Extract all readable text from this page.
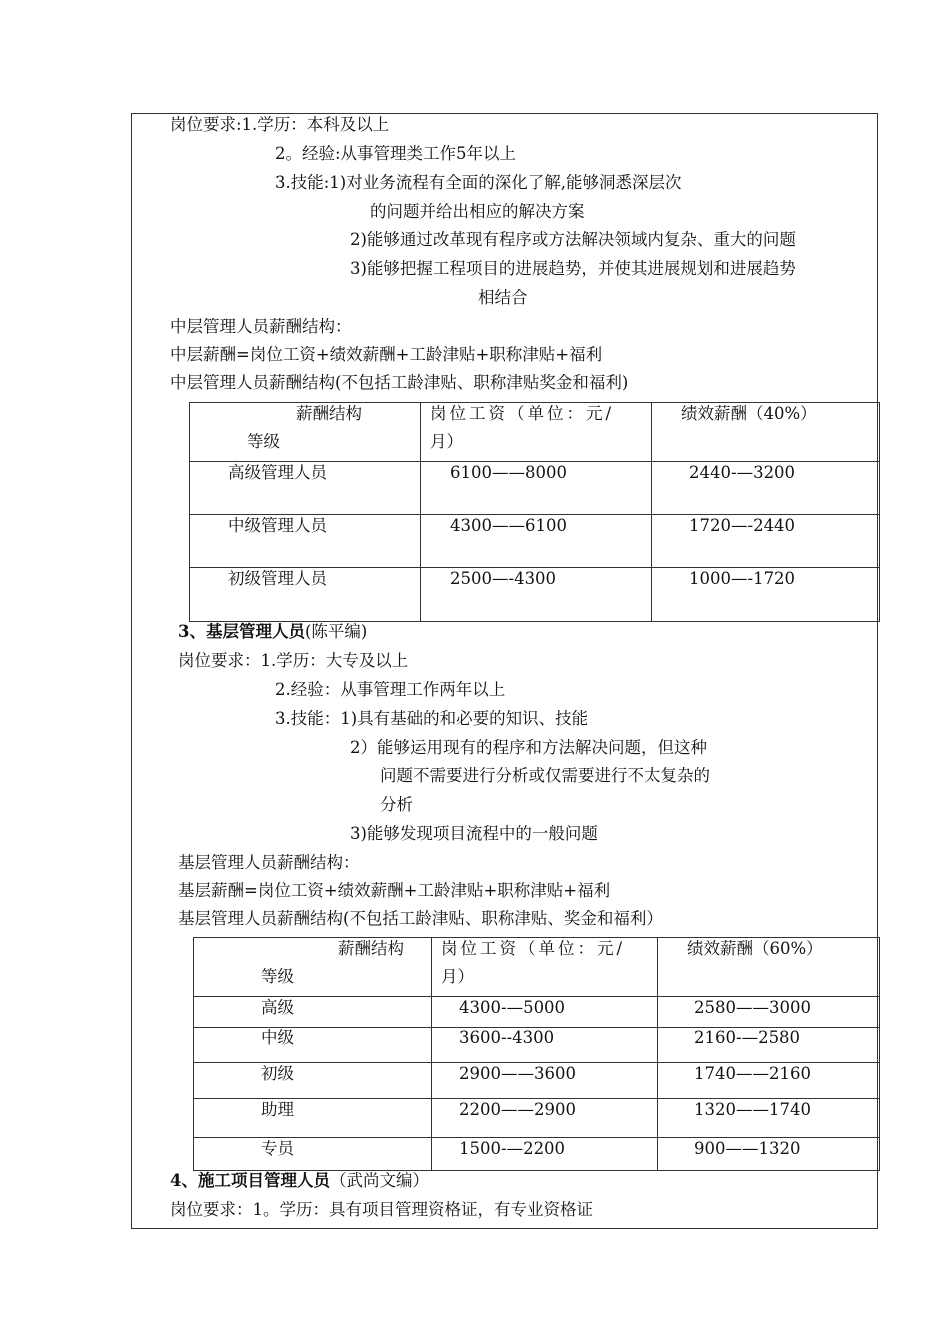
岗位要求:1.学历：本科及以上
2。经验:从事管理类工作5年以上
3.技能:1)对业务流程有全面的深化了解,能够洞悉深层次
的问题并给出相应的解决方案
2)能够通过改革现有程序或方法解决领域内复杂、重大的问题
3)能够把握工程项目的进展趋势，并使其进展规划和进展趋势
相结合
中层管理人员薪酬结构：
中层薪酬=岗位工资+绩效薪酬+工龄津贴+职称津贴+福利
中层管理人员薪酬结构(不包括工龄津贴、职称津贴奖金和福利)
薪酬结构
等级	岗位工资（单位：元/
月）	绩效薪酬（40%）

高级管理人员	6100——8000	2440-—3200

中级管理人员	4300——6100	1720—-2440

初级管理人员	2500—-4300	1000—-1720
3、基层管理人员(陈平编)
岗位要求：1.学历：大专及以上
2.经验：从事管理工作两年以上
3.技能：1)具有基础的和必要的知识、技能
2）能够运用现有的程序和方法解决问题，但这种
问题不需要进行分析或仅需要进行不太复杂的
分析
3)能够发现项目流程中的一般问题
基层管理人员薪酬结构：
基层薪酬=岗位工资+绩效薪酬+工龄津贴+职称津贴+福利
基层管理人员薪酬结构(不包括工龄津贴、职称津贴、奖金和福利）
薪酬结构
等级	岗位工资（单位：元/
月）	绩效薪酬（60%）

高级	4300-—5000	2580——3000

中级	3600--4300	2160-—2580

初级	2900——3600	1740——2160

助理	2200——2900	1320——1740

专员	1500-—2200	900——1320
4、施工项目管理人员（武尚文编）
岗位要求：1。学历：具有项目管理资格证，有专业资格证
